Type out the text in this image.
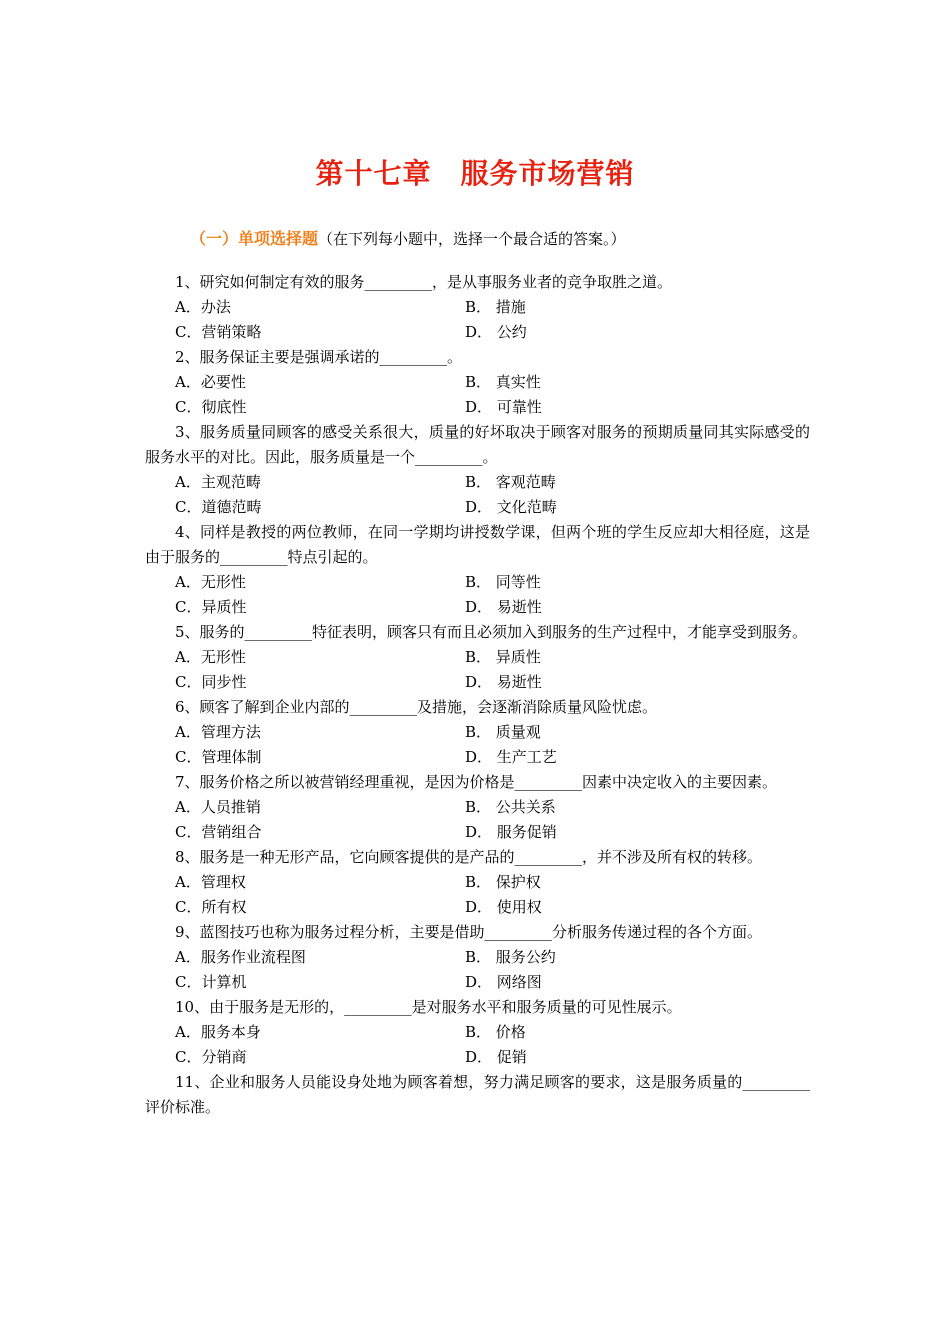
第十七章　服务市场营销
（一）单项选择题（在下列每小题中，选择一个最合适的答案。）
1、研究如何制定有效的服务_________，是从事服务业者的竞争取胜之道。
A．办法	B． 措施
C．营销策略	D． 公约
2、服务保证主要是强调承诺的_________。
A．必要性	B． 真实性
C．彻底性	D． 可靠性
3、服务质量同顾客的感受关系很大，质量的好坏取决于顾客对服务的预期质量同其实际感受的服务水平的对比。因此，服务质量是一个_________。
A．主观范畴	B． 客观范畴
C．道德范畴	D． 文化范畴
4、同样是教授的两位教师，在同一学期均讲授数学课，但两个班的学生反应却大相径庭，这是由于服务的_________特点引起的。
A．无形性	B． 同等性
C．异质性	D． 易逝性
5、服务的_________特征表明，顾客只有而且必须加入到服务的生产过程中，才能享受到服务。
A．无形性	B． 异质性
C．同步性	D． 易逝性
6、顾客了解到企业内部的_________及措施，会逐渐消除质量风险忧虑。
A．管理方法	B． 质量观
C．管理体制	D． 生产工艺
7、服务价格之所以被营销经理重视，是因为价格是_________因素中决定收入的主要因素。
A．人员推销	B． 公共关系
C．营销组合	D． 服务促销
8、服务是一种无形产品，它向顾客提供的是产品的_________，并不涉及所有权的转移。
A．管理权	B． 保护权
C．所有权	D． 使用权
9、蓝图技巧也称为服务过程分析，主要是借助_________分析服务传递过程的各个方面。
A．服务作业流程图	B． 服务公约
C．计算机	D． 网络图
10、由于服务是无形的，_________是对服务水平和服务质量的可见性展示。
A．服务本身	B． 价格
C．分销商	D． 促销
11、企业和服务人员能设身处地为顾客着想，努力满足顾客的要求，这是服务质量的_________评价标准。
